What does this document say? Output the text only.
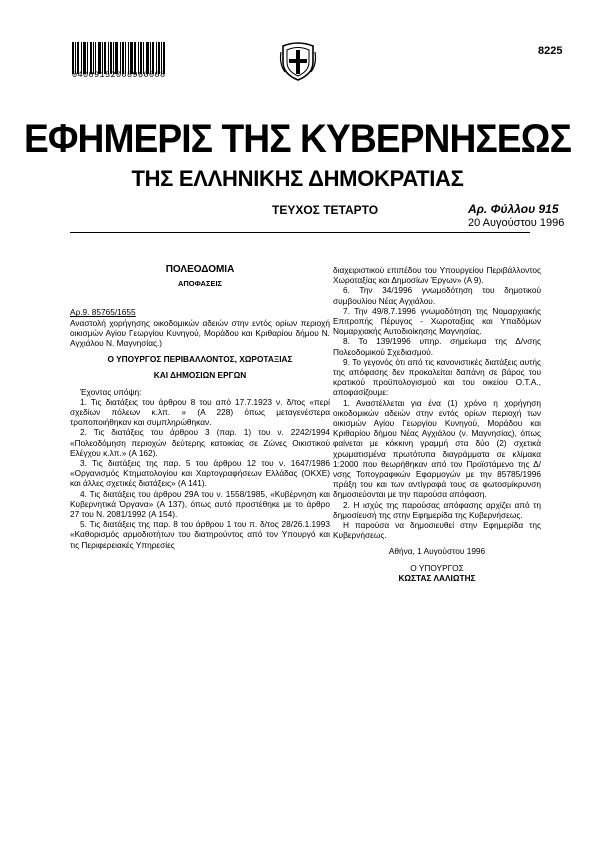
04009152008960008
8225
ΕΦΗΜΕΡΙΣ ΤΗΣ ΚΥΒΕΡΝΗΣΕΩΣ
ΤΗΣ ΕΛΛΗΝΙΚΗΣ ΔΗΜΟΚΡΑΤΙΑΣ
ΤΕΥΧΟΣ ΤΕΤΑΡΤΟ	Αρ. Φύλλου 915
20 Αυγούστου 1996

ΠΟΛΕΟΔΟΜΙΑ

ΑΠΟΦΑΣΕΙΣ

Αρ.9. 85765/1655

Αναστολή χορήγησης οικοδομικών αδειών στην εντός ορίων περιοχή οικισμών Αγίου Γεωργίου Κυνηγού, Μοράδου και Κριθαρίου δήμου Ν. Αγχιάλου Ν. Μαγνησίας.)

Ο ΥΠΟΥΡΓΟΣ ΠΕΡΙΒΑΛΛΟΝΤΟΣ, ΧΩΡΟΤΑΞΙΑΣ

ΚΑΙ ΔΗΜΟΣΙΩΝ ΕΡΓΩΝ

Έχοντας υπόψη:

1. Τις διατάξεις του άρθρου 8 του από 17.7.1923 ν. δ/τος «περί σχεδίων πόλεων κ.λπ. » (Α 228) όπως μεταγενέστερα τροποποιήθηκαν και συμπληρώθηκαν.

2. Τις διατάξεις του άρθρου 3 (παρ. 1) του ν. 2242/1994 «Πολεοδόμηση περιοχών δεύτερης κατοικίας σε Ζώνες Οικιστικού Ελέγχου κ.λπ.» (Α 162).

3. Τις διατάξεις της παρ. 5 του άρθρου 12 του ν. 1647/1986 «Οργανισμός Κτηματολογίου και Χαρτογραφήσεων Ελλάδας (ΟΚΧΕ) και άλλες σχετικές διατάξεις» (Α 141).

4. Τις διατάξεις του άρθρου 29Α του ν. 1558/1985, «Κυβέρνηση και Κυβερνητικά Όργανα» (Α 137), όπως αυτό προστέθηκε με το άρθρο 27 του Ν. 2081/1992 (Α 154).

5. Τις διατάξεις της παρ. 8 του άρθρου 1 του π. δ/τος 28/26.1.1993 «Καθορισμός αρμοδιοτήτων του διατηρούντος από τον Υπουργό και τις Περιφερειακές Υπηρεσίες

διαχειριστικού επιπέδου του Υπουργείου Περιβάλλοντος Χωροταξίας και Δημοσίων Έργων» (Α 9).

6. Την 34/1996 γνωμοδότηση του δημοτικού συμβουλίου Νέας Αγχιάλου.

7. Την 49/8.7.1996 γνωμοδότηση της Νομαρχιακής Επιτροπής Πέρυγος - Χωροταξίας και Υπαδόμων Νομαρχιακής Αυτοδιοίκησης Μαγνησίας.

8. Το 139/1996 υπηρ. σημείωμα της Δ/νσης Πολεοδομικού Σχεδιασμού.

9. Το γεγονός ότι από τις κανονιστικές διατάξεις αυτής της απόφασης δεν προκαλείται δαπάνη σε βάρος του κρατικού προϋπολογισμού και του οικείου Ο.Τ.Α., αποφασίζουμε:

1. Αναστέλλεται για ένα (1) χρόνο η χορήγηση οικοδομικών αδειών στην εντός ορίων περιοχή των οικισμών Αγίου Γεωργίου Κυνηγού, Μοράδου και Κριθαρίου δήμου Νέας Αγχιάλου (ν. Μαγνησίας), όπως φαίνεται με κόκκινη γραμμή στα δύο (2) σχετικά χρωματισμένα πρωτότυπα διαγράμματα σε κλίμακα 1:2000 που θεωρήθηκαν από τον Προϊστάμενο της Δ/νσης Τοπογραφικών Εφαρμογών με την 85785/1996 πράξη του και των αντίγραφά τους σε φωτοσμίκρυνση δημοσιεύονται με την παρούσα απόφαση.

2. Η ισχύς της παρούσας απόφασης αρχίζει από τη δημοσίευσή της στην Εφημερίδα της Κυβερνήσεως.

Η παρούσα να δημοσιευθεί στην Εφημερίδα της Κυβερνήσεως.

Αθήνα, 1 Αυγούστου 1996

Ο ΥΠΟΥΡΓΟΣ

ΚΩΣΤΑΣ ΛΑΛΙΩΤΗΣ
